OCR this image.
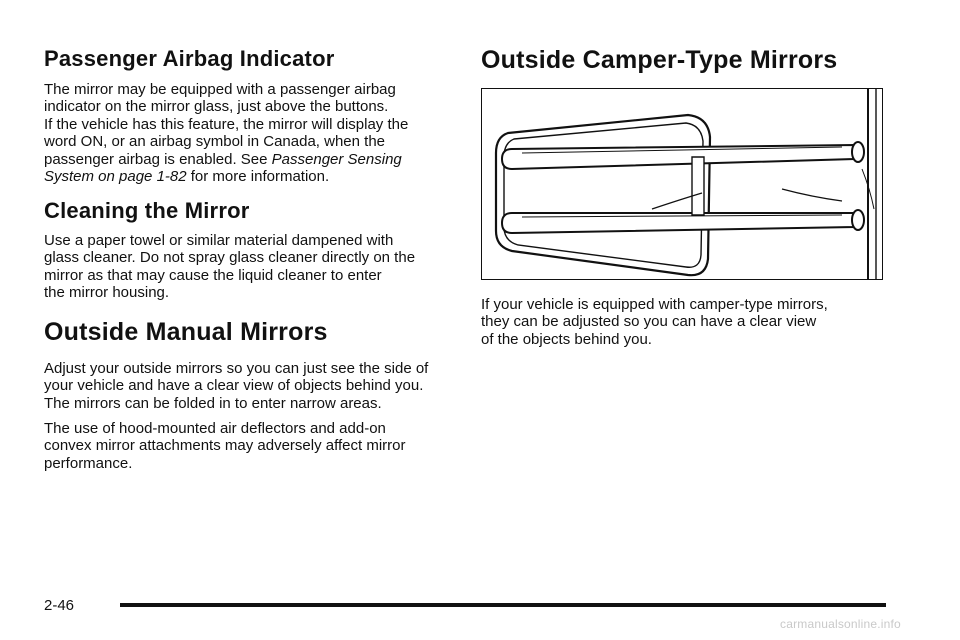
Passenger Airbag Indicator

The mirror may be equipped with a passenger airbag
indicator on the mirror glass, just above the buttons.
If the vehicle has this feature, the mirror will display the
word ON, or an airbag symbol in Canada, when the
passenger airbag is enabled. See Passenger Sensing
System on page 1-82 for more information.

Cleaning the Mirror

Use a paper towel or similar material dampened with
glass cleaner. Do not spray glass cleaner directly on the
mirror as that may cause the liquid cleaner to enter
the mirror housing.

Outside Manual Mirrors

Adjust your outside mirrors so you can just see the side of
your vehicle and have a clear view of objects behind you.
The mirrors can be folded in to enter narrow areas.

The use of hood-mounted air deflectors and add-on
convex mirror attachments may adversely affect mirror
performance.

Outside Camper-Type Mirrors

If your vehicle is equipped with camper-type mirrors,
they can be adjusted so you can have a clear view
of the objects behind you.

2-46
carmanualsonline.info
